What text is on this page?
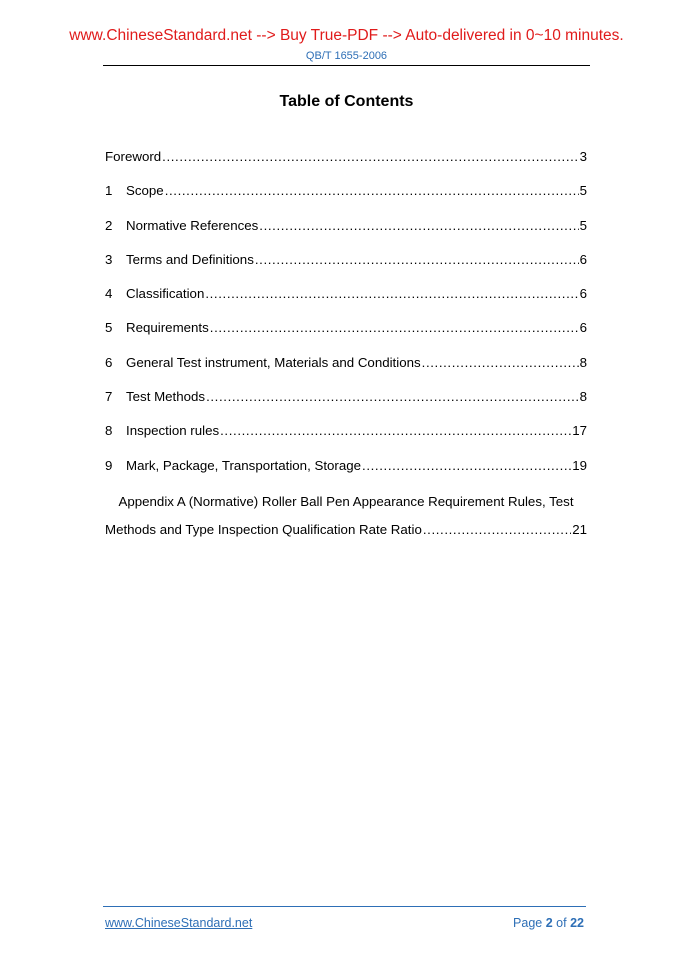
www.ChineseStandard.net --> Buy True-PDF --> Auto-delivered in 0~10 minutes.
QB/T 1655-2006
Table of Contents
Foreword .....	3
1	Scope .....	5
2	Normative References .....	5
3	Terms and Definitions .....	6
4	Classification .....	6
5	Requirements .....	6
6	General Test instrument, Materials and Conditions .....	8
7	Test Methods .....	8
8	Inspection rules .....	17
9	Mark, Package, Transportation, Storage .....	19
Appendix A (Normative) Roller Ball Pen Appearance Requirement Rules, Test
Methods and Type Inspection Qualification Rate Ratio .....	21
www.ChineseStandard.net	Page 2 of 22
